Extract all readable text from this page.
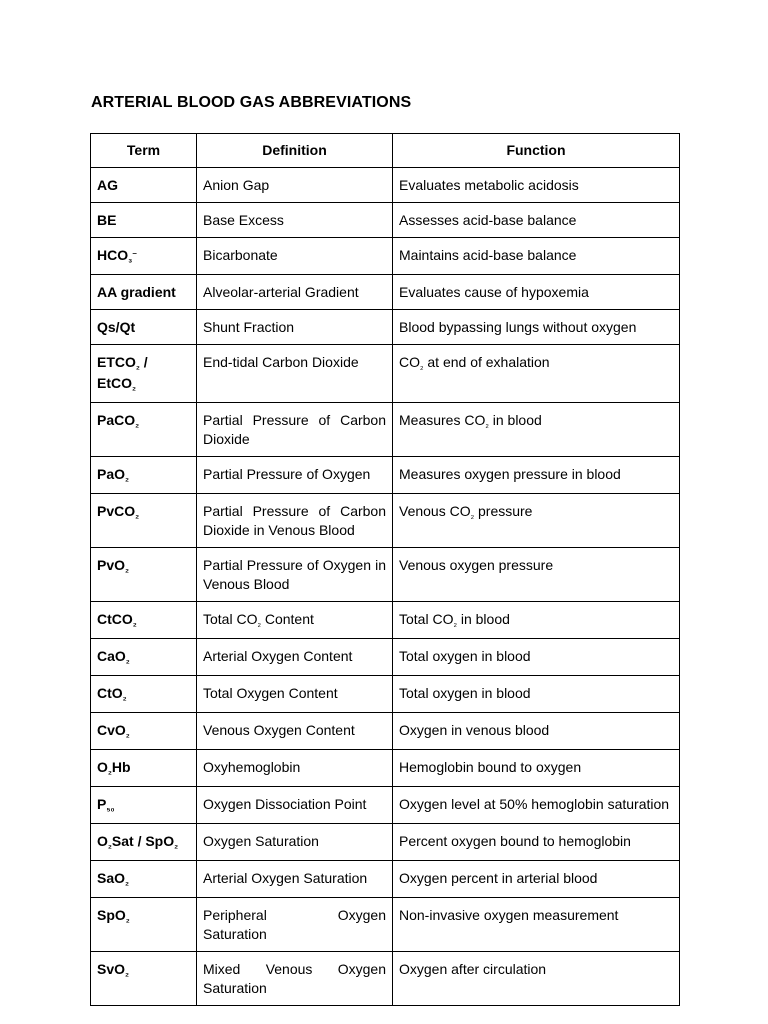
ARTERIAL BLOOD GAS ABBREVIATIONS
Term	Definition	Function
AG	Anion Gap	Evaluates metabolic acidosis
BE	Base Excess	Assesses acid-base balance
HCO₃⁻	Bicarbonate	Maintains acid-base balance
AA gradient	Alveolar-arterial Gradient	Evaluates cause of hypoxemia
Qs/Qt	Shunt Fraction	Blood bypassing lungs without oxygen
ETCO₂ / EtCO₂	End-tidal Carbon Dioxide	CO₂ at end of exhalation
PaCO₂	Partial Pressure of Carbon Dioxide	Measures CO₂ in blood
PaO₂	Partial Pressure of Oxygen	Measures oxygen pressure in blood
PvCO₂	Partial Pressure of Carbon Dioxide in Venous Blood	Venous CO₂ pressure
PvO₂	Partial Pressure of Oxygen in Venous Blood	Venous oxygen pressure
CtCO₂	Total CO₂ Content	Total CO₂ in blood
CaO₂	Arterial Oxygen Content	Total oxygen in blood
CtO₂	Total Oxygen Content	Total oxygen in blood
CvO₂	Venous Oxygen Content	Oxygen in venous blood
O₂Hb	Oxyhemoglobin	Hemoglobin bound to oxygen
P₅₀	Oxygen Dissociation Point	Oxygen level at 50% hemoglobin saturation
O₂Sat / SpO₂	Oxygen Saturation	Percent oxygen bound to hemoglobin
SaO₂	Arterial Oxygen Saturation	Oxygen percent in arterial blood
SpO₂	Peripheral Oxygen Saturation	Non-invasive oxygen measurement
SvO₂	Mixed Venous Oxygen Saturation	Oxygen after circulation
